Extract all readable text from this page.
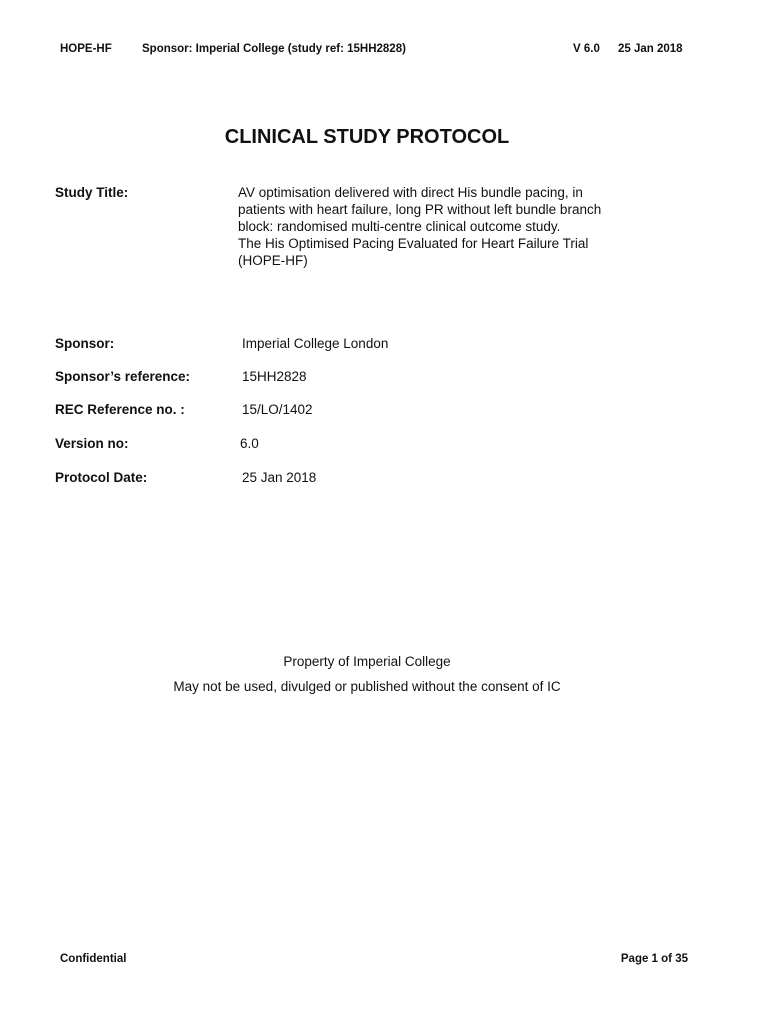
HOPE-HF	Sponsor: Imperial College (study ref: 15HH2828)	V 6.0 25 Jan 2018
CLINICAL STUDY PROTOCOL
Study Title:	AV optimisation delivered with direct His bundle pacing, in
patients with heart failure, long PR without left bundle branch
block: randomised multi-centre clinical outcome study.
The His Optimised Pacing Evaluated for Heart Failure Trial
(HOPE-HF)
Sponsor:	Imperial College London
Sponsor’s reference:	15HH2828
REC Reference no. :	15/LO/1402
Version no:	6.0
Protocol Date:	25 Jan 2018
Property of Imperial College
May not be used, divulged or published without the consent of IC
Confidential	Page 1 of 35
